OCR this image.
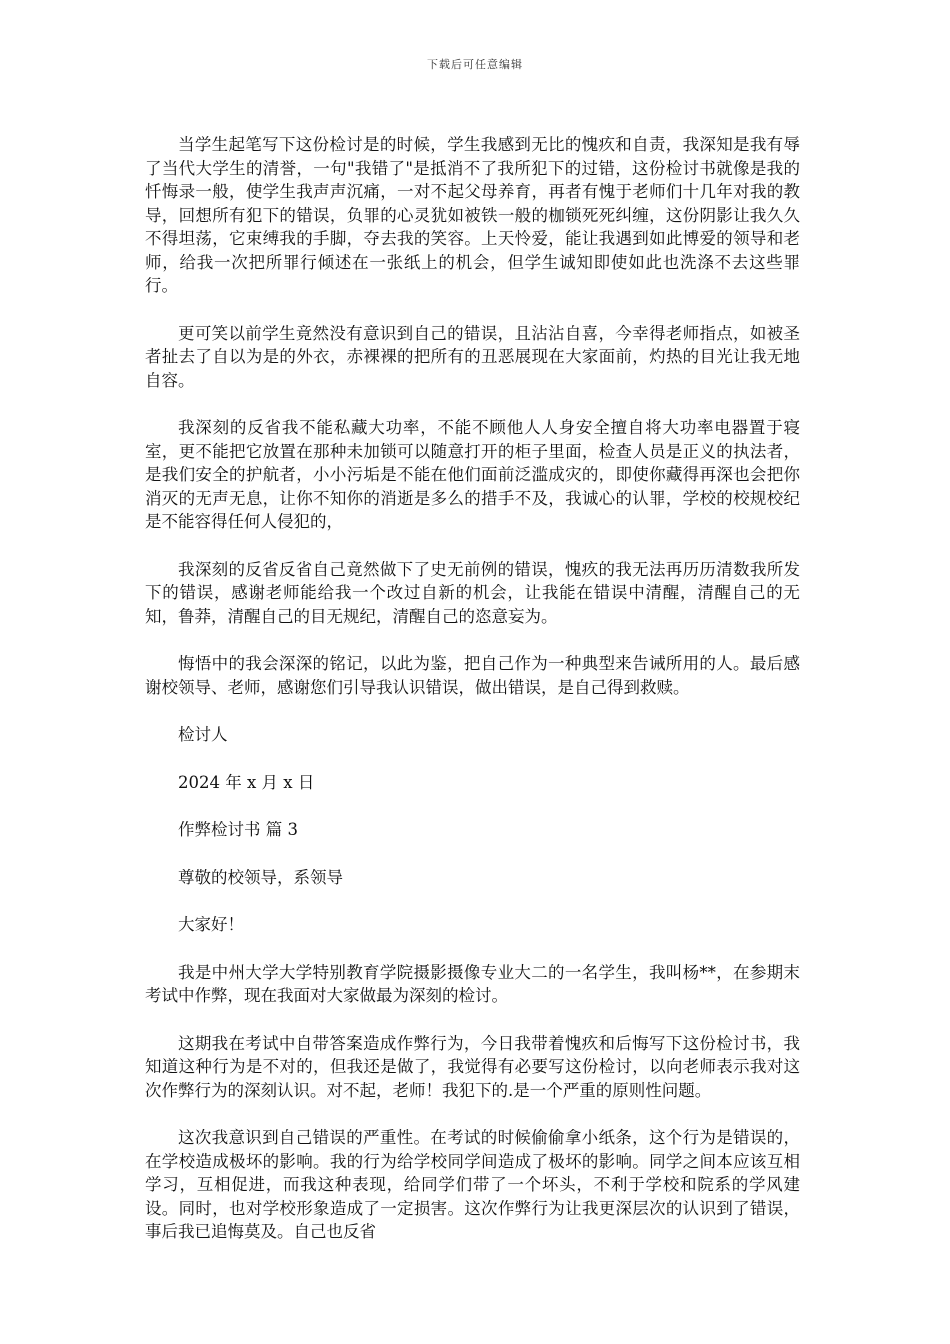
下载后可任意编辑

当学生起笔写下这份检讨是的时候，学生我感到无比的愧疚和自责，我深知是我有辱了当代大学生的清誉，一句"我错了"是抵消不了我所犯下的过错，这份检讨书就像是我的忏悔录一般，使学生我声声沉痛，一对不起父母养育，再者有愧于老师们十几年对我的教导，回想所有犯下的错误，负罪的心灵犹如被铁一般的枷锁死死纠缠，这份阴影让我久久不得坦荡，它束缚我的手脚，夺去我的笑容。上天怜爱，能让我遇到如此博爱的领导和老师，给我一次把所罪行倾述在一张纸上的机会，但学生诚知即使如此也洗涤不去这些罪行。

更可笑以前学生竟然没有意识到自己的错误，且沾沾自喜，今幸得老师指点，如被圣者扯去了自以为是的外衣，赤裸裸的把所有的丑恶展现在大家面前，灼热的目光让我无地自容。

我深刻的反省我不能私藏大功率，不能不顾他人人身安全擅自将大功率电器置于寝室，更不能把它放置在那种未加锁可以随意打开的柜子里面，检查人员是正义的执法者，是我们安全的护航者，小小污垢是不能在他们面前泛滥成灾的，即使你藏得再深也会把你消灭的无声无息，让你不知你的消逝是多么的措手不及，我诚心的认罪，学校的校规校纪是不能容得任何人侵犯的，

我深刻的反省反省自己竟然做下了史无前例的错误，愧疚的我无法再历历清数我所发下的错误，感谢老师能给我一个改过自新的机会，让我能在错误中清醒，清醒自己的无知，鲁莽，清醒自己的目无规纪，清醒自己的恣意妄为。

悔悟中的我会深深的铭记，以此为鉴，把自己作为一种典型来告诫所用的人。最后感谢校领导、老师，感谢您们引导我认识错误，做出错误，是自己得到救赎。

检讨人

2024 年 x 月 x 日

作弊检讨书 篇 3

尊敬的校领导，系领导

大家好！

我是中州大学大学特别教育学院摄影摄像专业大二的一名学生，我叫杨**，在参期末考试中作弊，现在我面对大家做最为深刻的检讨。

这期我在考试中自带答案造成作弊行为，今日我带着愧疚和后悔写下这份检讨书，我知道这种行为是不对的，但我还是做了，我觉得有必要写这份检讨，以向老师表示我对这次作弊行为的深刻认识。对不起，老师！我犯下的.是一个严重的原则性问题。

这次我意识到自己错误的严重性。在考试的时候偷偷拿小纸条，这个行为是错误的，在学校造成极坏的影响。我的行为给学校同学间造成了极坏的影响。同学之间本应该互相学习，互相促进，而我这种表现，给同学们带了一个坏头，不利于学校和院系的学风建设。同时，也对学校形象造成了一定损害。这次作弊行为让我更深层次的认识到了错误，事后我已追悔莫及。自己也反省
